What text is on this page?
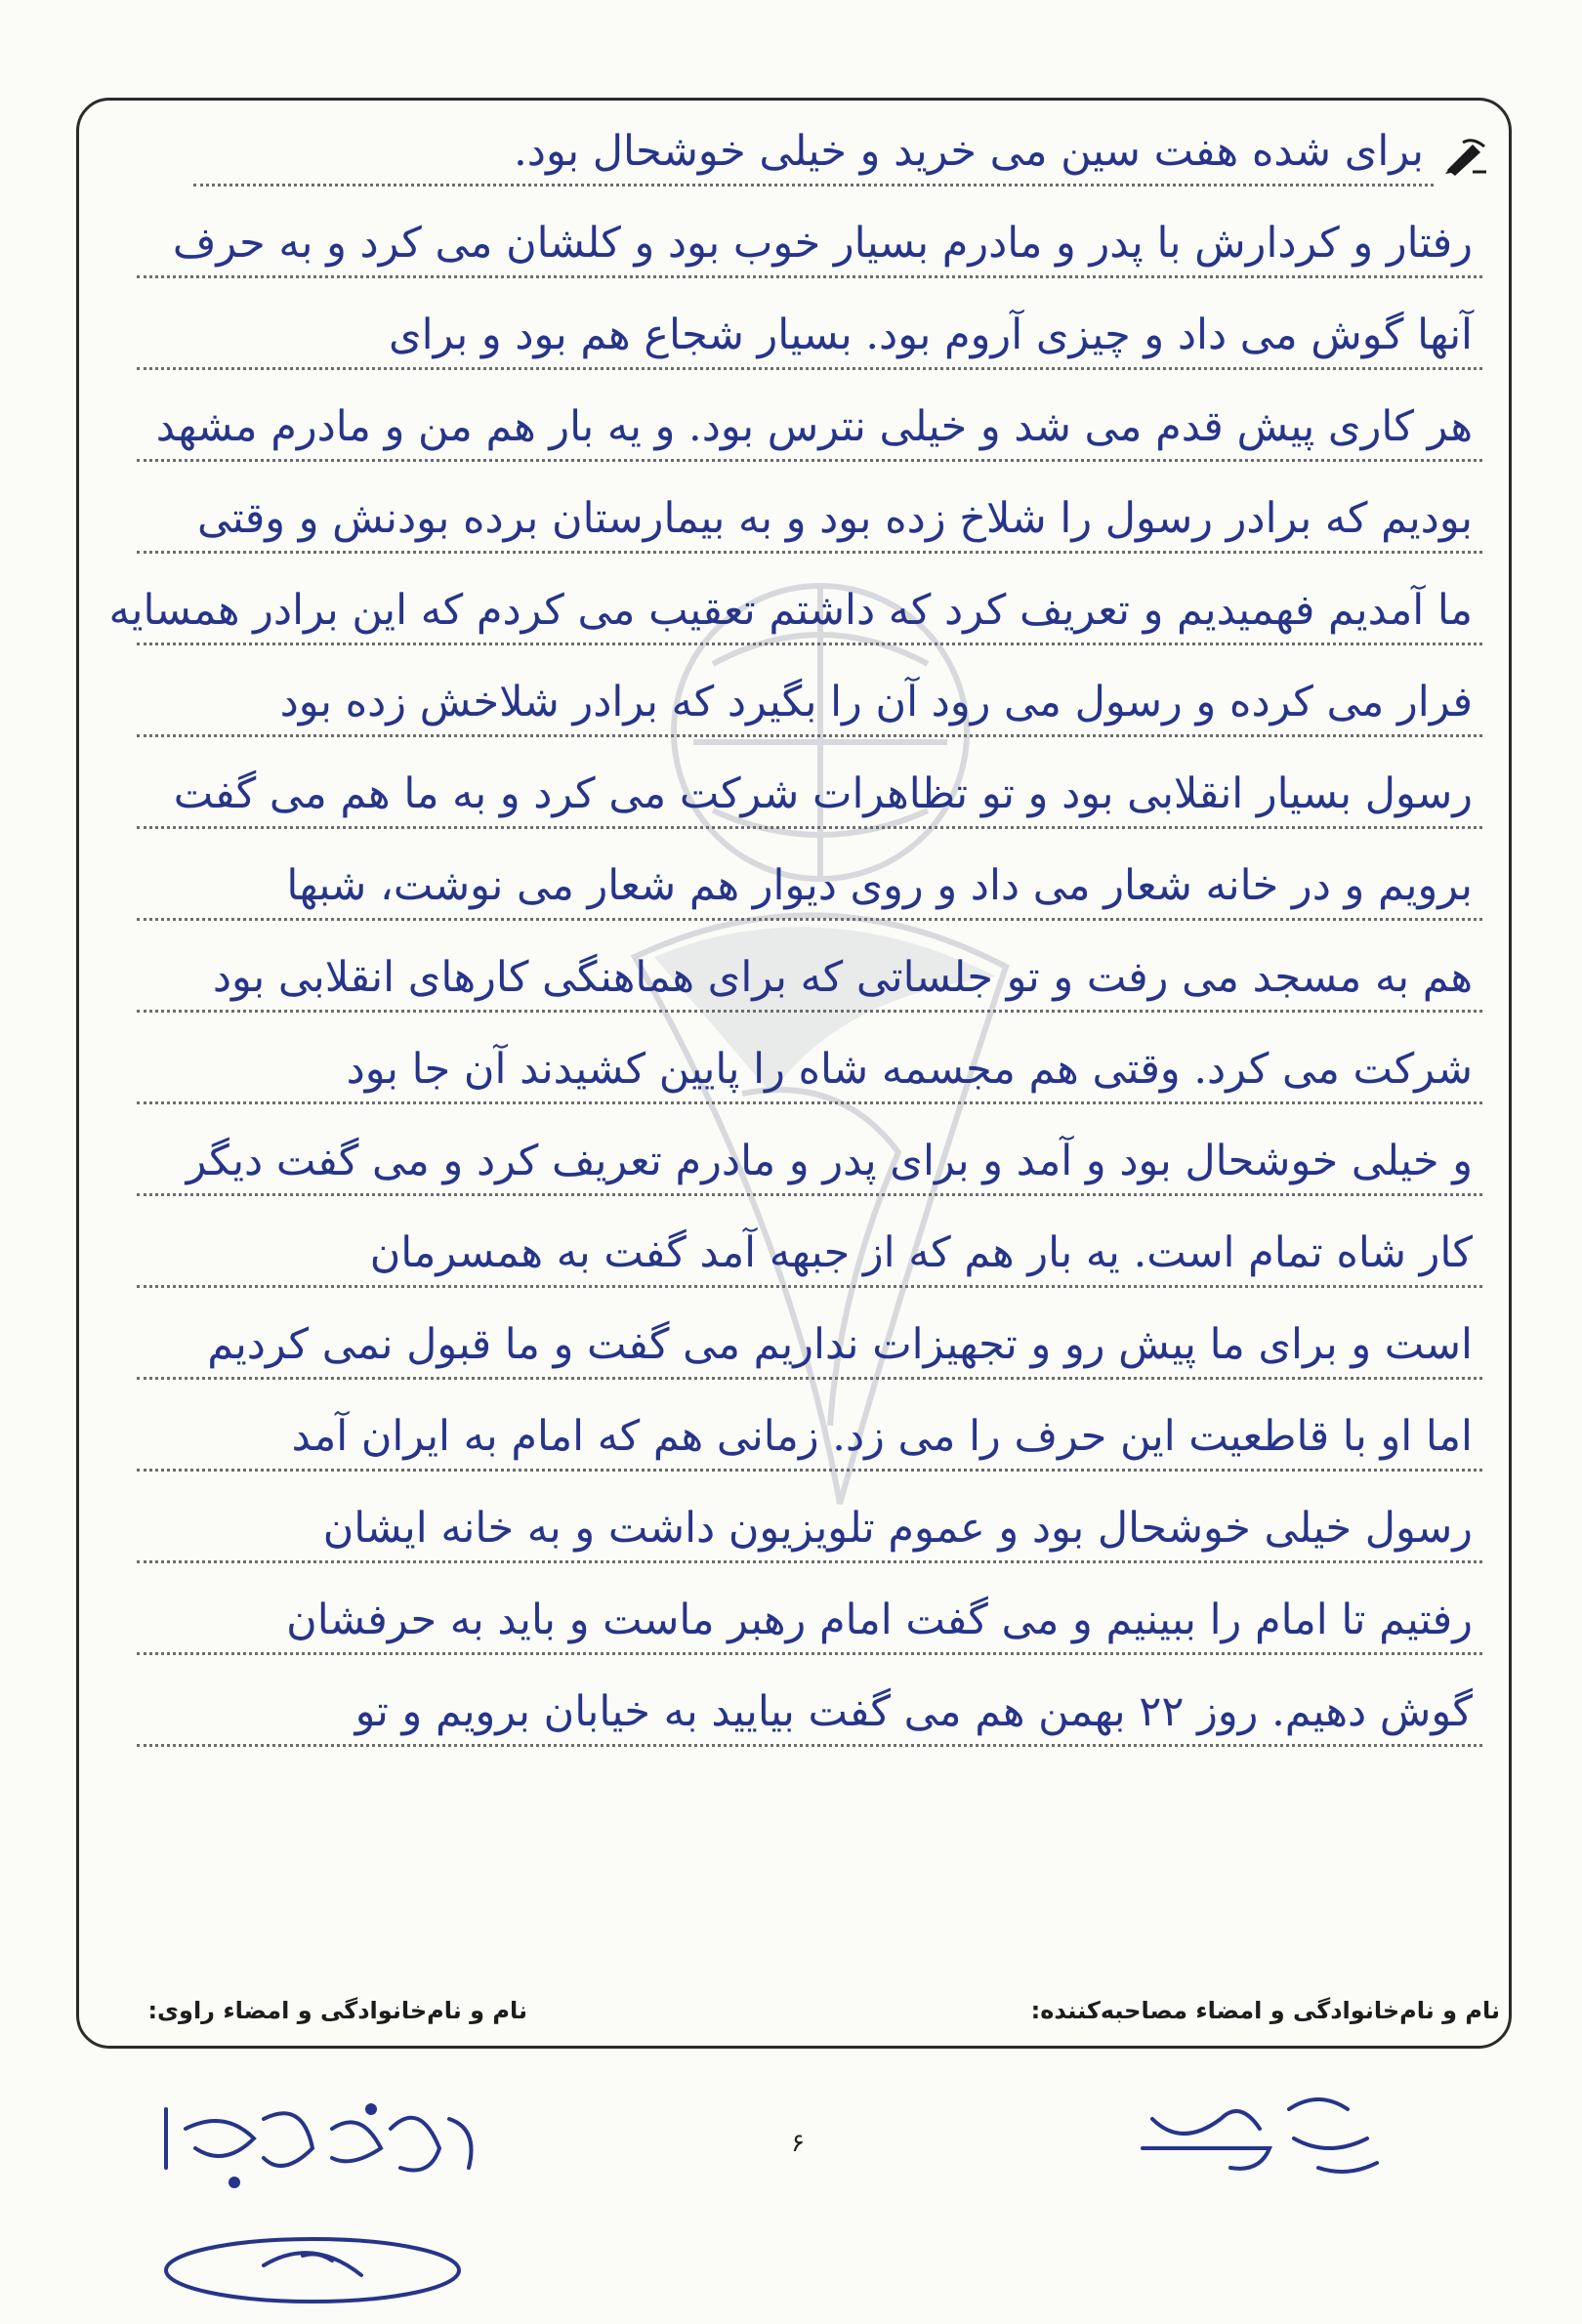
برای شده هفت سین می خرید و خیلی خوشحال بود.
رفتار و کردارش با پدر و مادرم بسیار خوب بود و کلشان می کرد و به حرف
آنها گوش می داد و چیزی آروم بود. بسیار شجاع هم بود و برای
هر کاری پیش قدم می شد و خیلی نترس بود. و یه بار هم من و مادرم مشهد
بودیم که برادر رسول را شلاخ زده بود و به بیمارستان برده بودنش و وقتی
ما آمدیم فهمیدیم و تعریف کرد که داشتم تعقیب می کردم که این برادر همسایه
فرار می کرده و رسول می رود آن را بگیرد که برادر شلاخش زده بود
رسول بسیار انقلابی بود و تو تظاهرات شرکت می کرد و به ما هم می گفت
برویم و در خانه شعار می داد و روی دیوار هم شعار می نوشت، شبها
هم به مسجد می رفت و تو جلساتی که برای هماهنگی کارهای انقلابی بود
شرکت می کرد. وقتی هم مجسمه شاه را پایین کشیدند آن جا بود
و خیلی خوشحال بود و آمد و برای پدر و مادرم تعریف کرد و می گفت دیگر
کار شاه تمام است. یه بار هم که از جبهه آمد گفت به همسرمان
است و برای ما پیش رو و تجهیزات نداریم می گفت و ما قبول نمی کردیم
اما او با قاطعیت این حرف را می زد. زمانی هم که امام به ایران آمد
رسول خیلی خوشحال بود و عموم تلویزیون داشت و به خانه ایشان
رفتیم تا امام را ببینیم و می گفت امام رهبر ماست و باید به حرفشان
گوش دهیم. روز ۲۲ بهمن هم می گفت بیایید به خیابان برویم و تو
نام و نام‌خانوادگی و امضاء مصاحبه‌کننده:
نام و نام‌خانوادگی و امضاء راوی:
۶
